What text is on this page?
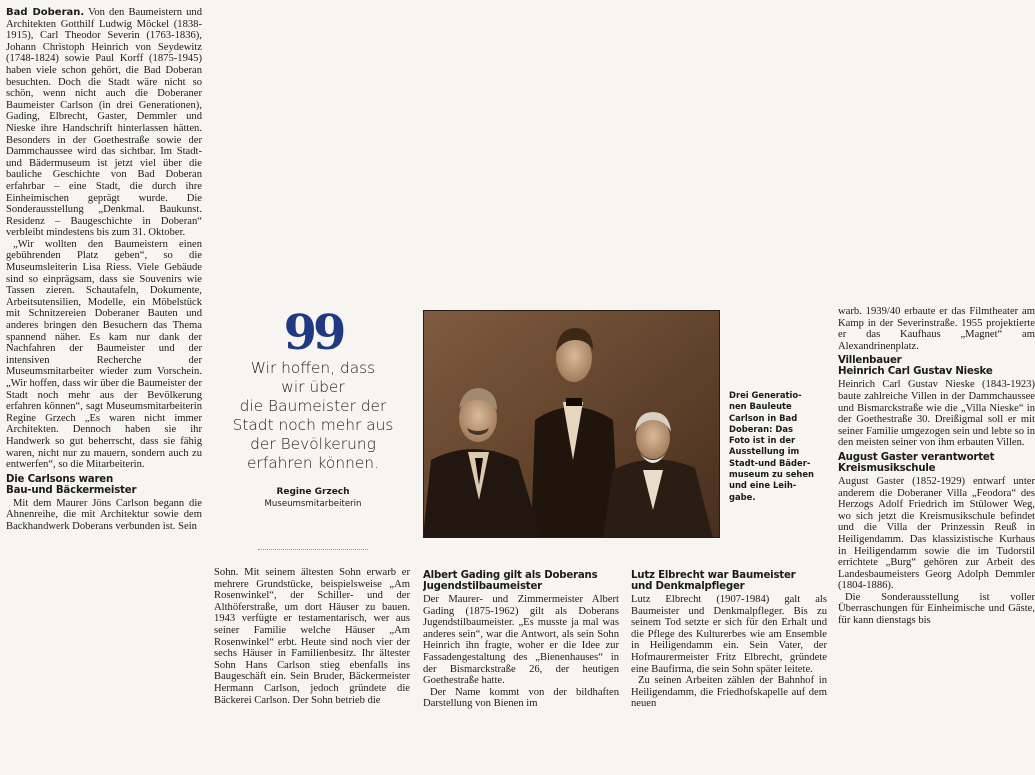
Bad Doberan. Von den Baumeistern und Architekten Gotthilf Ludwig Möckel (1838-1915), Carl Theodor Severin (1763-1836), Johann Christoph Heinrich von Seydewitz (1748-1824) sowie Paul Korff (1875-1945) haben viele schon gehört, die Bad Doberan besuchten. Doch die Stadt wäre nicht so schön, wenn nicht auch die Doberaner Baumeister Carlson (in drei Generationen), Gading, Elbrecht, Gaster, Demmler und Nieske ihre Handschrift hinterlassen hätten. Besonders in der Goethestraße sowie der Dammchaussee wird das sichtbar. Im Stadt-und Bädermuseum ist jetzt viel über die bauliche Geschichte von Bad Doberan erfahrbar – eine Stadt, die durch ihre Einheimischen geprägt wurde. Die Sonderausstellung „Denkmal. Baukunst. Residenz – Baugeschichte in Doberan“ verbleibt mindestens bis zum 31. Oktober.

„Wir wollten den Baumeistern einen gebührenden Platz geben“, so die Museumsleiterin Lisa Riess. Viele Gebäude sind so einprägsam, dass sie Souvenirs wie Tassen zieren. Schautafeln, Dokumente, Arbeitsutensilien, Modelle, ein Möbelstück mit Schnitzereien Doberaner Bauten und anderes bringen den Besuchern das Thema spannend näher. Es kam nur dank der Nachfahren der Baumeister und der intensiven Recherche der Museumsmitarbeiter wieder zum Vorschein. „Wir hoffen, dass wir über die Baumeister der Stadt noch mehr aus der Bevölkerung erfahren können“, sagt Museumsmitarbeiterin Regine Grzech „Es waren nicht immer Architekten. Dennoch haben sie ihr Handwerk so gut beherrscht, dass sie fähig waren, nicht nur zu mauern, sondern auch zu entwerfen“, so die Mitarbeiterin.

Die Carlsons waren
Bau-und Bäckermeister

Mit dem Maurer Jöns Carlson begann die Ahnenreihe, die mit Architektur sowie dem Backhandwerk Doberans verbunden ist. Sein

99
Wir hoffen, dass
wir über
die Baumeister der
Stadt noch mehr aus
der Bevölkerung
erfahren können.
Regine Grzech
Museumsmitarbeiterin
Drei Generatio-
nen Bauleute
Carlson in Bad
Doberan: Das
Foto ist in der
Ausstellung im
Stadt-und Bäder-
museum zu sehen
und eine Leih-
gabe.

Sohn. Mit seinem ältesten Sohn erwarb er mehrere Grundstücke, beispielsweise „Am Rosenwinkel“, der Schiller- und der Althöferstraße, um dort Häuser zu bauen. 1943 verfügte er testamentarisch, wer aus seiner Familie welche Häuser „Am Rosenwinkel“ erbt. Heute sind noch vier der sechs Häuser in Familienbesitz. Ihr ältester Sohn Hans Carlson stieg ebenfalls ins Baugeschäft ein. Sein Bruder, Bäckermeister Hermann Carlson, jedoch gründete die Bäckerei Carlson. Der Sohn betrieb die

Albert Gading gilt als Doberans
Jugendstilbaumeister

Der Maurer- und Zimmermeister Albert Gading (1875-1962) gilt als Doberans Jugendstilbaumeister. „Es musste ja mal was anderes sein“, war die Antwort, als sein Sohn Heinrich ihn fragte, woher er die Idee zur Fassadengestaltung des „Bienenhauses“ in der Bismarckstraße 26, der heutigen Goethestraße hatte.

Der Name kommt von der bildhaften Darstellung von Bienen im

Lutz Elbrecht war Baumeister
und Denkmalpfleger

Lutz Elbrecht (1907-1984) galt als Baumeister und Denkmalpfleger. Bis zu seinem Tod setzte er sich für den Erhalt und die Pflege des Kulturerbes wie am Ensemble in Heiligendamm ein. Sein Vater, der Hofmaurermeister Fritz Elbrecht, gründete eine Baufirma, die sein Sohn später leitete.

Zu seinen Arbeiten zählen der Bahnhof in Heiligendamm, die Friedhofskapelle auf dem neuen

warb. 1939/40 erbaute er das Filmtheater am Kamp in der Severinstraße. 1955 projektierte er das Kaufhaus „Magnet“ am Alexandrinenplatz.

Villenbauer
Heinrich Carl Gustav Nieske

Heinrich Carl Gustav Nieske (1843-1923) baute zahlreiche Villen in der Dammchaussee und Bismarckstraße wie die „Villa Nieske“ in der Goethestraße 30. Dreißigmal soll er mit seiner Familie umgezogen sein und lebte so in den meisten seiner von ihm erbauten Villen.

August Gaster verantwortet
Kreismusikschule

August Gaster (1852-1929) entwarf unter anderem die Doberaner Villa „Feodora“ des Herzogs Adolf Friedrich im Stülower Weg, wo sich jetzt die Kreismusikschule befindet und die Villa der Prinzessin Reuß in Heiligendamm. Das klassizistische Kurhaus in Heiligendamm sowie die im Tudorstil errichtete „Burg“ gehören zur Arbeit des Landesbaumeisters Georg Adolph Demmler (1804-1886).

Die Sonderausstellung ist voller Überraschungen für Einheimische und Gäste, für kann dienstags bis
